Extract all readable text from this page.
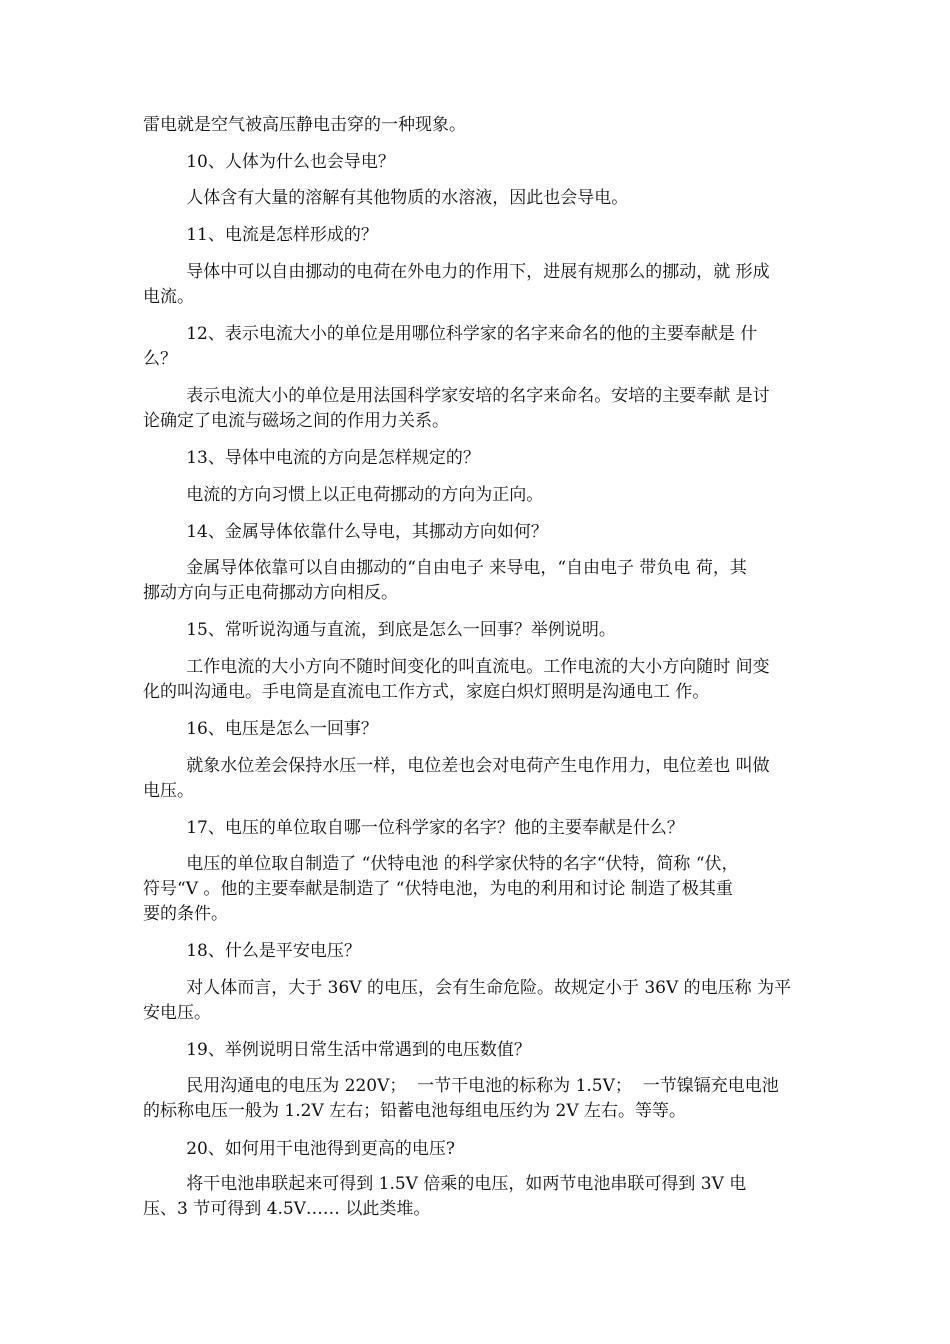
雷电就是空气被高压静电击穿的一种现象。

10、人体为什么也会导电？

人体含有大量的溶解有其他物质的水溶液，因此也会导电。

11、电流是怎样形成的？

导体中可以自由挪动的电荷在外电力的作用下，进展有规那么的挪动，就 形成
电流。

12、表示电流大小的单位是用哪位科学家的名字来命名的他的主要奉献是 什
么？

表示电流大小的单位是用法国科学家安培的名字来命名。安培的主要奉献 是讨
论确定了电流与磁场之间的作用力关系。

13、导体中电流的方向是怎样规定的？

电流的方向习惯上以正电荷挪动的方向为正向。

14、金属导体依靠什么导电，其挪动方向如何？

金属导体依靠可以自由挪动的“自由电子 来导电，“自由电子 带负电 荷，其
挪动方向与正电荷挪动方向相反。

15、常听说沟通与直流，到底是怎么一回事？举例说明。

工作电流的大小方向不随时间变化的叫直流电。工作电流的大小方向随时 间变
化的叫沟通电。手电筒是直流电工作方式，家庭白炽灯照明是沟通电工 作。

16、电压是怎么一回事？

就象水位差会保持水压一样，电位差也会对电荷产生电作用力，电位差也 叫做
电压。

17、电压的单位取自哪一位科学家的名字？他的主要奉献是什么？

电压的单位取自制造了 “伏特电池 的科学家伏特的名字“伏特，简称 “伏，
符号“V 。他的主要奉献是制造了 “伏特电池，为电的利用和讨论 制造了极其重
要的条件。

18、什么是平安电压？

对人体而言，大于 36V 的电压，会有生命危险。故规定小于 36V 的电压称 为平
安电压。

19、举例说明日常生活中常遇到的电压数值？

民用沟通电的电压为 220V；  一节干电池的标称为 1.5V；  一节镍镉充电电池
的标称电压一般为 1.2V 左右；铅蓄电池每组电压约为 2V 左右。等等。

20、如何用干电池得到更高的电压?

将干电池串联起来可得到 1.5V 倍乘的电压，如两节电池串联可得到 3V 电
压、3 节可得到 4.5V…… 以此类堆。
